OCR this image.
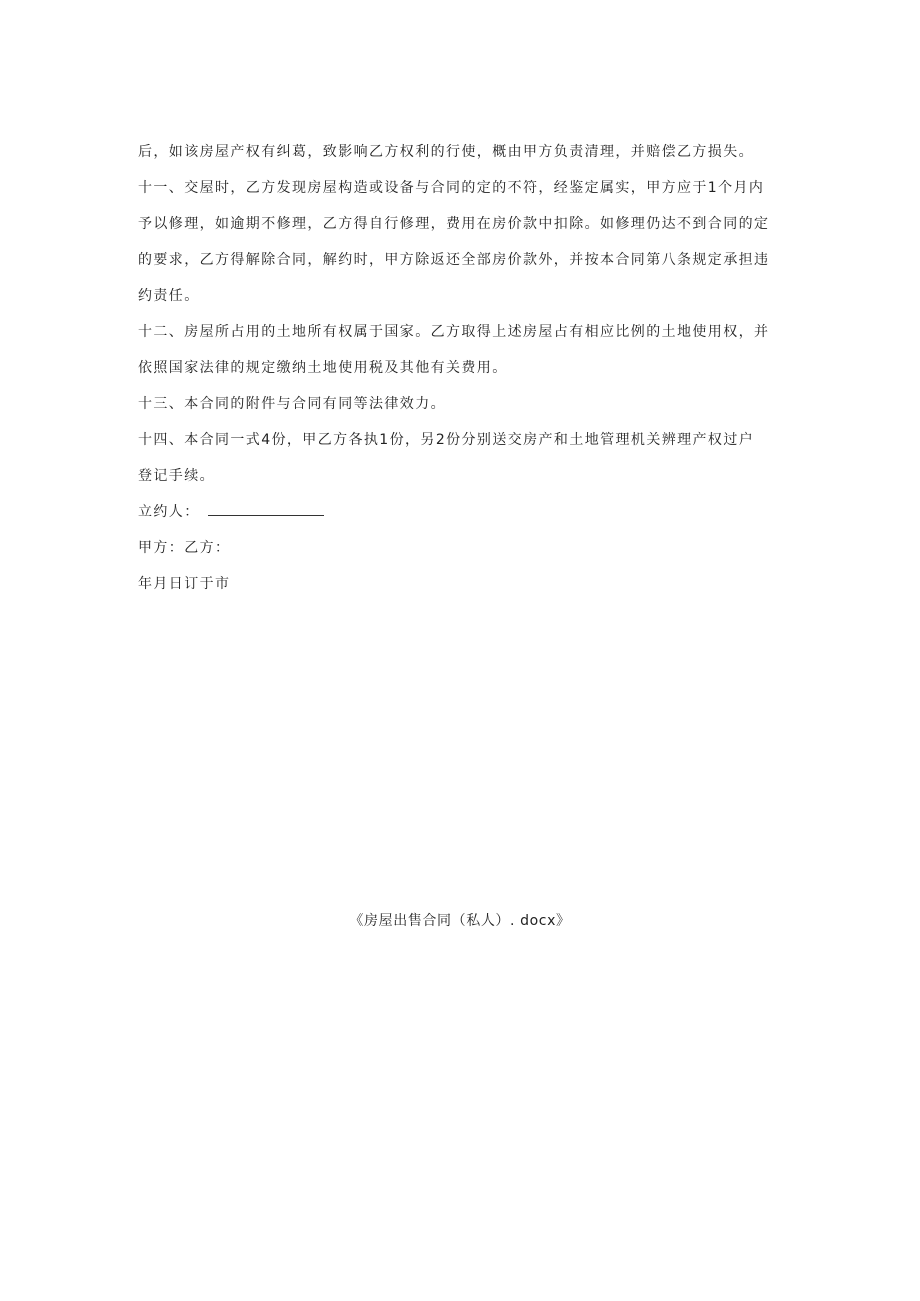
后，如该房屋产权有纠葛，致影响乙方权利的行使，概由甲方负责清理，并赔偿乙方损失。
十一、交屋时，乙方发现房屋构造或设备与合同的定的不符，经鉴定属实，甲方应于1个月内
予以修理，如逾期不修理，乙方得自行修理，费用在房价款中扣除。如修理仍达不到合同的定
的要求，乙方得解除合同，解约时，甲方除返还全部房价款外，并按本合同第八条规定承担违
约责任。
十二、房屋所占用的土地所有权属于国家。乙方取得上述房屋占有相应比例的土地使用权，并
依照国家法律的规定缴纳土地使用税及其他有关费用。
十三、本合同的附件与合同有同等法律效力。
十四、本合同一式4份，甲乙方各执1份，另2份分别送交房产和土地管理机关辨理产权过户
登记手续。
立约人：
甲方：乙方：
年月日订于市
《房屋出售合同（私人）. docx》
